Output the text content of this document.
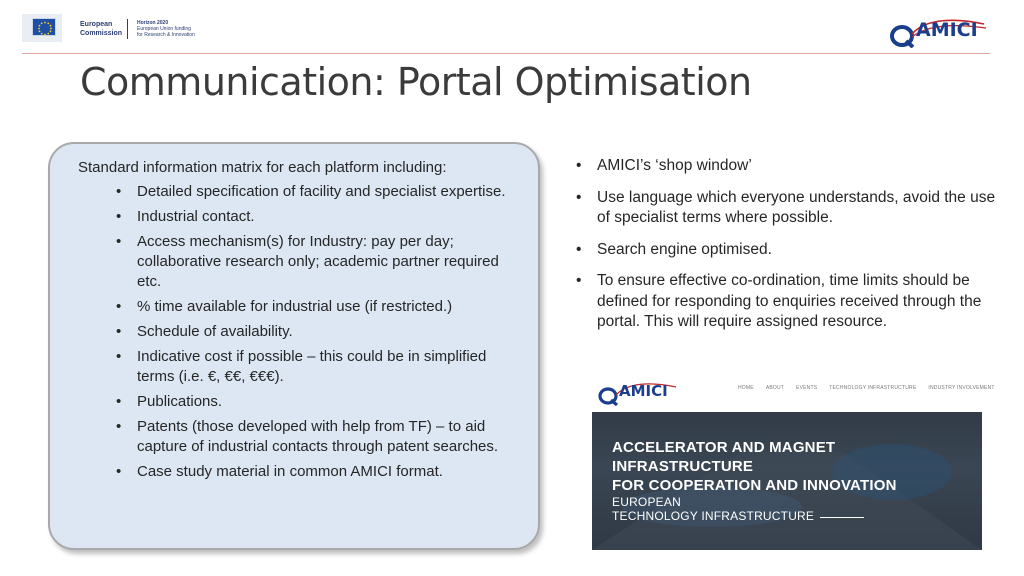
European
Commission
Horizon 2020
European Union funding
for Research & Innovation	AMICI
Communication: Portal Optimisation
Standard information matrix for each platform including:
• Detailed specification of facility and specialist expertise.
• Industrial contact.
• Access mechanism(s) for Industry: pay per day; collaborative research only; academic partner required etc.
• % time available for industrial use (if restricted.)
• Schedule of availability.
• Indicative cost if possible – this could be in simplified terms (i.e. €, €€, €€€).
• Publications.
• Patents (those developed with help from TF) – to aid capture of industrial contacts through patent searches.
• Case study material in common AMICI format.
• AMICI’s ‘shop window’
• Use language which everyone understands, avoid the use of specialist terms where possible.
• Search engine optimised.
• To ensure effective co-ordination, time limits should be defined for responding to enquiries received through the portal. This will require assigned resource.
AMICI	HOME ABOUT EVENTS TECHNOLOGY INFRASTRUCTURE INDUSTRY INVOLVEMENT
ACCELERATOR AND MAGNET
INFRASTRUCTURE
FOR COOPERATION AND INNOVATION
EUROPEAN
TECHNOLOGY INFRASTRUCTURE
